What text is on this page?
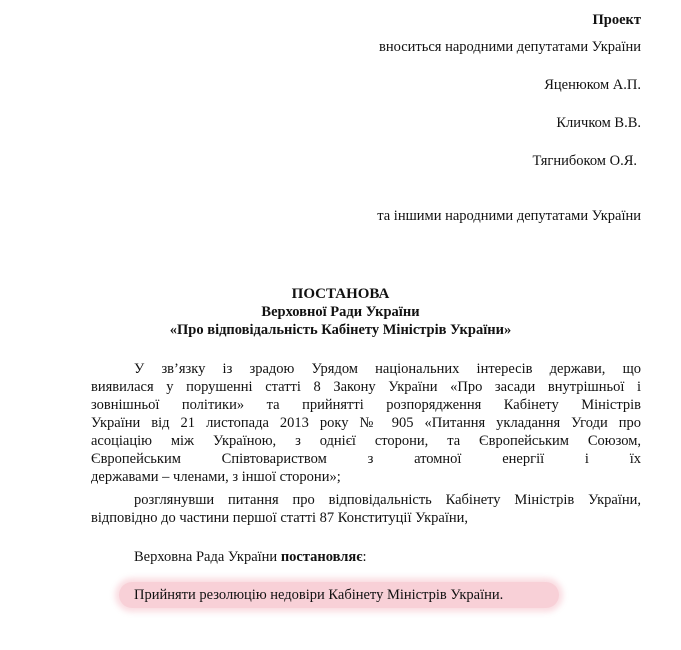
Проект
вноситься народними депутатами України
Яценюком А.П.
Кличком В.В.
Тягнибоком О.Я.
та іншими народними депутатами України
ПОСТАНОВА
Верховної Ради України
«Про відповідальність Кабінету Міністрів України»
У зв’язку із зрадою Урядом національних інтересів держави, що
виявилася у порушенні статті 8 Закону України «Про засади внутрішньої і
зовнішньої політики» та прийнятті розпорядження Кабінету Міністрів
України від 21 листопада 2013 року № 905 «Питання укладання Угоди про
асоціацію між Україною, з однієї сторони, та Європейським Союзом,
Європейським Співтовариством з атомної енергії і їх
державами – членами, з іншої сторони»;
розглянувши питання про відповідальність Кабінету Міністрів України,
відповідно до частини першої статті 87 Конституції України,
Верховна Рада України постановляє:
Прийняти резолюцію недовіри Кабінету Міністрів України.
